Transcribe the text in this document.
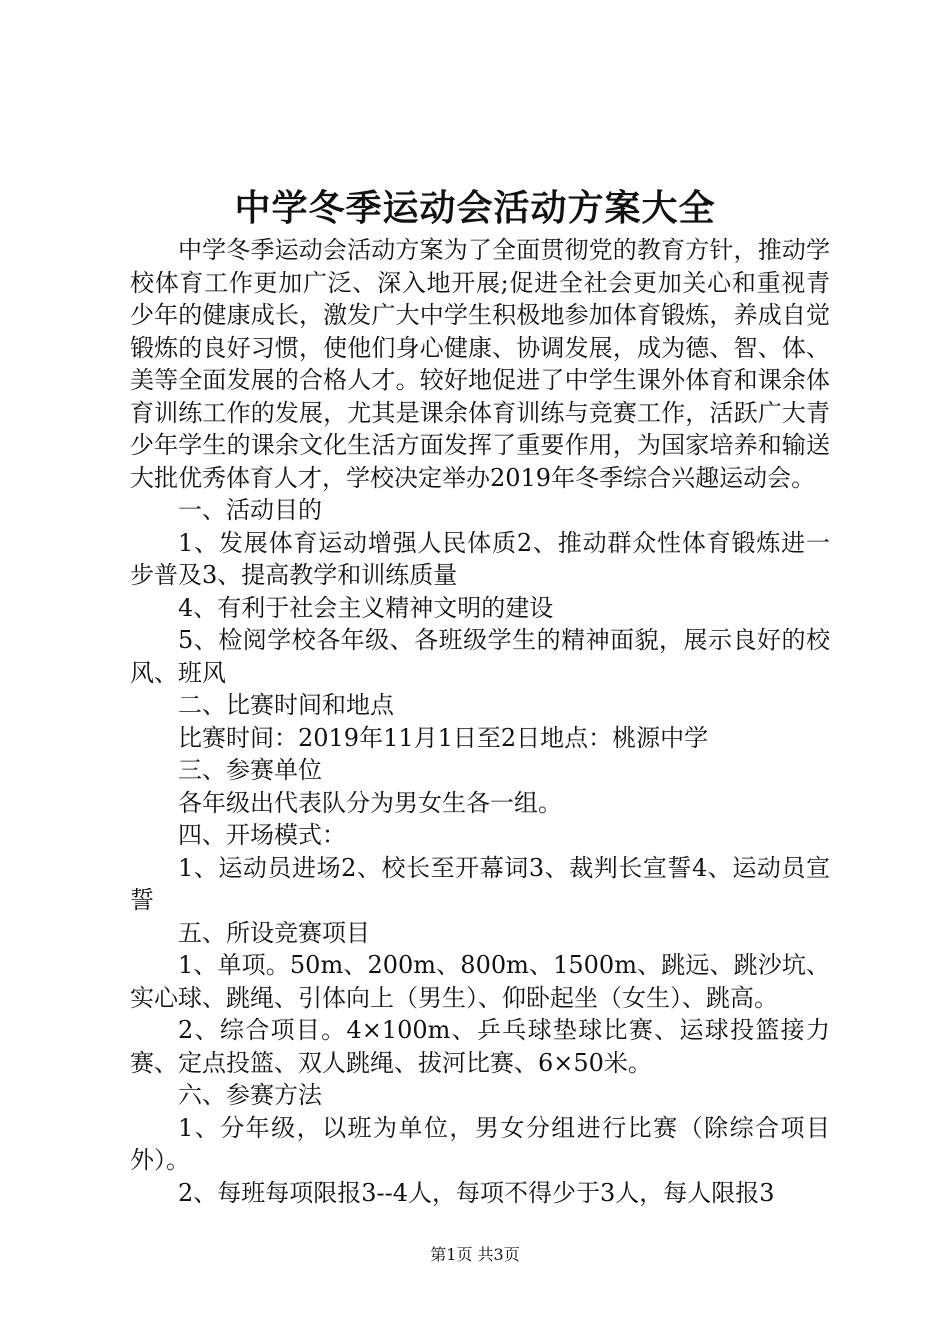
中学冬季运动会活动方案大全

中学冬季运动会活动方案为了全面贯彻党的教育方针，推动学校体育工作更加广泛、深入地开展;促进全社会更加关心和重视青少年的健康成长，激发广大中学生积极地参加体育锻炼，养成自觉锻炼的良好习惯，使他们身心健康、协调发展，成为德、智、体、美等全面发展的合格人才。较好地促进了中学生课外体育和课余体育训练工作的发展，尤其是课余体育训练与竞赛工作，活跃广大青少年学生的课余文化生活方面发挥了重要作用，为国家培养和输送大批优秀体育人才，学校决定举办2019年冬季综合兴趣运动会。

一、活动目的

1、发展体育运动增强人民体质2、推动群众性体育锻炼进一步普及3、提高教学和训练质量

4、有利于社会主义精神文明的建设

5、检阅学校各年级、各班级学生的精神面貌，展示良好的校风、班风

二、比赛时间和地点

比赛时间：2019年11月1日至2日地点：桃源中学

三、参赛单位

各年级出代表队分为男女生各一组。

四、开场模式：

1、运动员进场2、校长至开幕词3、裁判长宣誓4、运动员宣誓

五、所设竞赛项目

1、单项。50m、200m、800m、1500m、跳远、跳沙坑、实心球、跳绳、引体向上（男生）、仰卧起坐（女生）、跳高。

2、综合项目。4×100m、乒乓球垫球比赛、运球投篮接力赛、定点投篮、双人跳绳、拔河比赛、6×50米。

六、参赛方法

1、分年级，以班为单位，男女分组进行比赛（除综合项目外）。

2、每班每项限报3--4人，每项不得少于3人，每人限报3

第1页 共3页
